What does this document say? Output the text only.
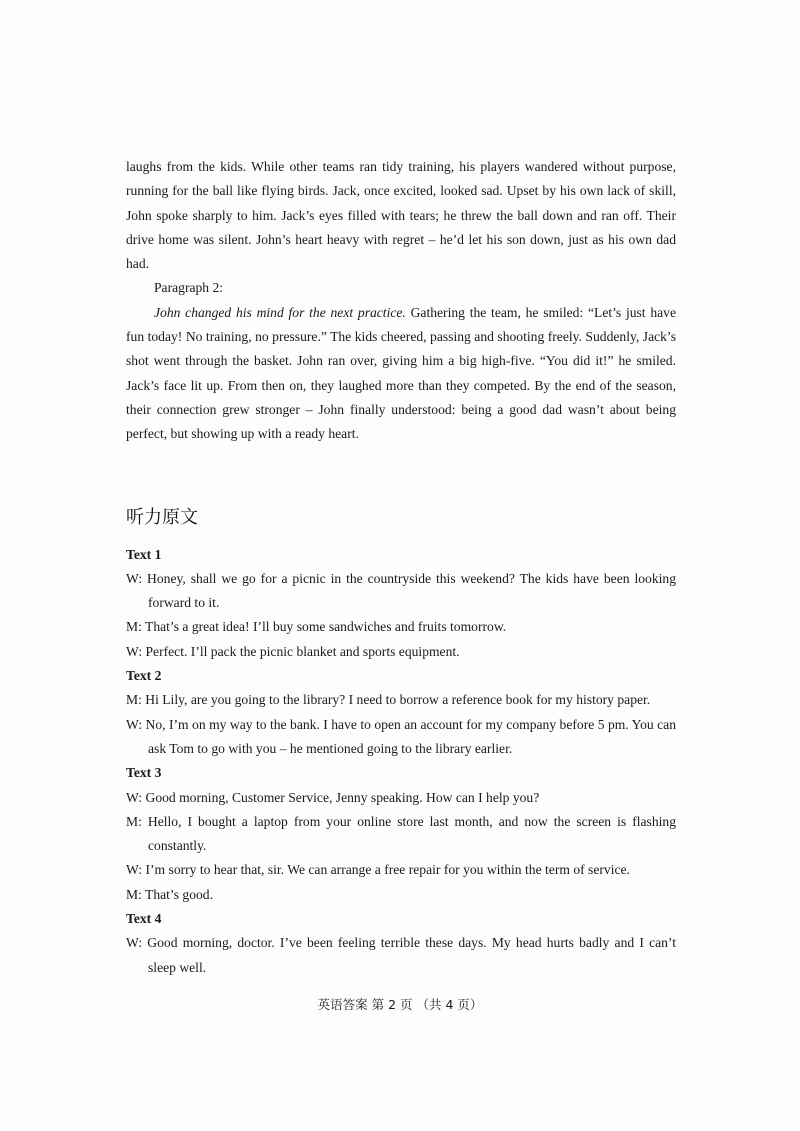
laughs from the kids. While other teams ran tidy training, his players wandered without purpose, running for the ball like flying birds. Jack, once excited, looked sad. Upset by his own lack of skill, John spoke sharply to him. Jack’s eyes filled with tears; he threw the ball down and ran off. Their drive home was silent. John’s heart heavy with regret – he’d let his son down, just as his own dad had.

Paragraph 2:

John changed his mind for the next practice. Gathering the team, he smiled: “Let’s just have fun today! No training, no pressure.” The kids cheered, passing and shooting freely. Suddenly, Jack’s shot went through the basket. John ran over, giving him a big high-five. “You did it!” he smiled. Jack’s face lit up. From then on, they laughed more than they competed. By the end of the season, their connection grew stronger – John finally understood: being a good dad wasn’t about being perfect, but showing up with a ready heart.

听力原文

Text 1

W: Honey, shall we go for a picnic in the countryside this weekend? The kids have been looking forward to it.

M: That’s a great idea! I’ll buy some sandwiches and fruits tomorrow.

W: Perfect. I’ll pack the picnic blanket and sports equipment.

Text 2

M: Hi Lily, are you going to the library? I need to borrow a reference book for my history paper.

W: No, I’m on my way to the bank. I have to open an account for my company before 5 pm. You can ask Tom to go with you – he mentioned going to the library earlier.

Text 3

W: Good morning, Customer Service, Jenny speaking. How can I help you?

M: Hello, I bought a laptop from your online store last month, and now the screen is flashing constantly.

W: I’m sorry to hear that, sir. We can arrange a free repair for you within the term of service.

M: That’s good.

Text 4

W: Good morning, doctor. I’ve been feeling terrible these days. My head hurts badly and I can’t sleep well.

英语答案 第 2 页 （共 4 页）
